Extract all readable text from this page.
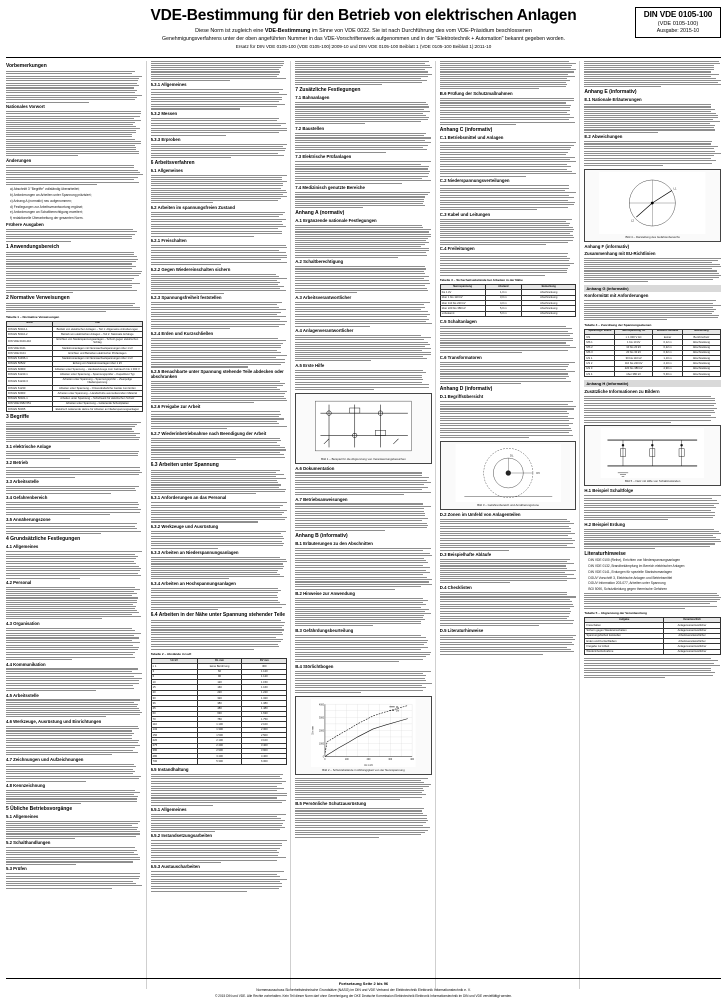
VDE-Bestimmung für den Betrieb von elektrischen Anlagen
Diese Norm ist zugleich eine VDE-Bestimmung im Sinne von VDE 0022. Sie ist nach Durchführung des vom VDE-Präsidium beschlossenen
Genehmigungsverfahrens unter der oben angeführten Nummer in das VDE-Vorschriftenwerk aufgenommen und in der "Elektrotechnik + Automation" bekannt gegeben worden.
Ersatz für DIN VDE 0105-100 (VDE 0105-100):2009-10 und DIN VDE 0105-100 Beiblatt 1 (VDE 0105-100 Beiblatt 1):2011-10
DIN VDE 0105-100
(VDE 0105-100)
Ausgabe: 2015-10
Vorbemerkungen
Nationales Vorwort
Änderungen
a) Abschnitt 3 "Begriffe" vollständig überarbeitet;
b) Anforderungen an Arbeiten unter Spannung präzisiert;
c) Anhang A (normativ) neu aufgenommen;
d) Festlegungen zur Arbeitsverantwortung ergänzt;
e) Anforderungen an Schaltberechtigung erweitert;
f) redaktionelle Überarbeitung der gesamten Norm.
Frühere Ausgaben
1 Anwendungsbereich
2 Normative Verweisungen
Tabelle 1 – Normative Verweisungen
Norm	Titel
DIN EN 50110-1	Betrieb von elektrischen Anlagen – Teil 1: Allgemeine Anforderungen
DIN EN 50110-2	Betrieb von elektrischen Anlagen – Teil 2: Nationale Anhänge
DIN VDE 0100-410	Errichten von Niederspannungsanlagen – Schutz gegen elektrischen Schlag
DIN VDE 0101	Starkstromanlagen mit Nennwechselspannungen über 1 kV
DIN VDE 0104	Errichten und Betreiben elektrischer Prüfanlagen
DIN EN 61936-1	Starkstromanlagen mit Nennwechselspannungen über 1 kV
DIN EN 50522	Erdung von Starkstromanlagen über 1 kV
DIN EN 60900	Arbeiten unter Spannung – Handwerkzeuge zum Gebrauch bis 1 000 V
DIN EN 61243-1	Arbeiten unter Spannung – Spannungsprüfer – Kapazitiver Typ
DIN EN 61243-3	Arbeiten unter Spannung – Spannungsprüfer – Zweipolige Niederspannung
DIN EN 61230	Arbeiten unter Spannung – Ortsveränderliche Geräte zum Erden
DIN EN 60903	Arbeiten unter Spannung – Handschuhe aus isolierendem Material
DIN EN 50321-1	Arbeiten unter Spannung – Schuhwerk für elektrischen Schutz
DIN VDE 0682-551	Arbeiten unter Spannung – Isolierende Schutzplatten
DIN EN 50365	Elektrisch isolierende Helme für Arbeiten an Niederspannungsanlagen
3 Begriffe
3.1 elektrische Anlage
3.2 Betrieb
3.3 Arbeitsstelle
3.4 Gefahrenbereich
3.5 Annäherungszone
4 Grundsätzliche Festlegungen
4.1 Allgemeines
4.2 Personal
4.3 Organisation
4.4 Kommunikation
4.5 Arbeitsstelle
4.6 Werkzeuge, Ausrüstung und Einrichtungen
4.7 Zeichnungen und Aufzeichnungen
4.8 Kennzeichnung
5 Übliche Betriebsvorgänge
5.1 Allgemeines
5.2 Schalthandlungen
5.3 Prüfen
5.3.1 Allgemeines
5.3.2 Messen
5.3.3 Erproben
6 Arbeitsverfahren
6.1 Allgemeines
6.2 Arbeiten im spannungsfreien Zustand
6.2.1 Freischalten
6.2.2 Gegen Wiedereinschalten sichern
6.2.3 Spannungsfreiheit feststellen
6.2.4 Erden und Kurzschließen
6.2.5 Benachbarte unter Spannung stehende Teile abdecken oder abschranken
6.2.6 Freigabe zur Arbeit
6.2.7 Wiederinbetriebnahme nach Beendigung der Arbeit
6.3 Arbeiten unter Spannung
6.3.1 Anforderungen an das Personal
6.3.2 Werkzeuge und Ausrüstung
6.3.3 Arbeiten an Niederspannungsanlagen
6.3.4 Arbeiten an Hochspannungsanlagen
6.4 Arbeiten in der Nähe unter Spannung stehender Teile
Tabelle 2 – Abstände in Luft
Un kV	DL mm	DV mm
≤ 1	keine Berührung	300
3	60	1 120
6	90	1 120
10	120	1 150
15	160	1 160
20	220	1 220
30	320	1 320
36	380	1 380
45	480	1 480
60	630	1 630
70	750	1 750
110	1 100	2 100
132	1 300	2 300
150	1 500	2 500
220	2 100	3 100
275	2 400	3 400
380	2 900	3 900
480	3 400	4 400
700	5 300	6 300
6.5 Instandhaltung
6.5.1 Allgemeines
6.5.2 Instandsetzungsarbeiten
6.5.3 Austauscharbeiten
7 Zusätzliche Festlegungen
7.1 Bahnanlagen
7.2 Baustellen
7.3 Elektrische Prüfanlagen
7.4 Medizinisch genutzte Bereiche
Anhang A (normativ)
A.1 Ergänzende nationale Festlegungen
A.2 Schaltberechtigung
A.3 Arbeitsverantwortlicher
A.4 Anlagenverantwortlicher
A.5 Erste Hilfe
Bild 1 – Beispiel für die Abgrenzung von Verantwortungsbereichen
A.6 Dokumentation
A.7 Betriebsanweisungen
Anhang B (informativ)
B.1 Erläuterungen zu den Abschnitten
B.2 Hinweise zur Anwendung
B.3 Gefährdungsbeurteilung
B.4 Störlichtbogen
0
1000
2000
3000
4000
0	100	200	300	400
DL
DV
Un in kV
D in mm
Bild 2 – Schutzabstände in Abhängigkeit von der Nennspannung
B.5 Persönliche Schutzausrüstung
B.6 Prüfung der Schutzmaßnahmen
Anhang C (informativ)
C.1 Betriebsmittel und Anlagen
C.2 Niederspannungsverteilungen
C.3 Kabel und Leitungen
C.4 Freileitungen
Tabelle 3 – Sicherheitsabstände bei Arbeiten in der Nähe
Nennspannung	Abstand	Bemerkung
bis 1 kV	1,0 m	Abschrankung
über 1 bis 110 kV	3,0 m	Abschrankung
über 110 bis 220 kV	4,0 m	Abschrankung
über 220 bis 380 kV	5,0 m	Abschrankung
unbekannt	5,0 m	Abschrankung
C.5 Schaltanlagen
C.6 Transformatoren
Anhang D (informativ)
D.1 Begriffsübersicht
DV
DL
Bild 3 – Gefahrenbereich und Annäherungszone
D.2 Zonen im Umfeld von Anlagenteilen
D.3 Beispielhafte Abläufe
D.4 Checklisten
D.5 Literaturhinweise
Anhang E (informativ)
E.1 Nationale Erläuterungen
E.2 Abweichungen
L1
L2
Bild 4 – Darstellung des Gefahrenbereichs
Anhang F (informativ)
Zusammenhang mit EU-Richtlinien
Anhang G (informativ)
Konformität mit Anforderungen
Tabelle 4 – Zuordnung der Spannungsebenen
Spannungs- ebene	Nennspannung Un	Mindest- abstand	Bemerkung
NS	≤ 1 000 V AC	keiner	Berührschutz
MS 1	1 bis 10 kV	0,12 m	Abschrankung
MS 2	10 bis 20 kV	0,22 m	Abschrankung
MS 3	20 bis 30 kV	0,32 m	Abschrankung
HS 1	30 bis 110 kV	1,10 m	Abschrankung
HS 2	110 bis 220 kV	2,10 m	Abschrankung
HS 3	220 bis 380 kV	2,90 m	Abschrankung
HS 4	über 380 kV	5,30 m	Abschrankung
Anhang H (informativ)
Zusätzliche Informationen zu Bildern
Bild 5 – Netz mit Hilfe von Schaltzuständen
H.1 Beispiel Schaltfolge
H.2 Beispiel Erdung
Literaturhinweise
DIN VDE 0100 (Reihe), Errichten von Niederspannungsanlagen
DIN VDE 0132, Brandbekämpfung im Bereich elektrischer Anlagen
DIN VDE 0141, Erdungen für spezielle Starkstromanlagen
DGUV Vorschrift 3, Elektrische Anlagen und Betriebsmittel
DGUV Information 203-077, Arbeiten unter Spannung
BGI 5090, Schutzkleidung gegen thermische Gefahren
Tabelle 5 – Abgrenzung der Verantwortung
Aufgabe	Verantwortlich
Freischalten	Anlagenverantwortlicher
Sichern gegen Wiedereinschalten	Anlagenverantwortlicher
Spannungsfreiheit feststellen	Arbeitsverantwortlicher
Erden und Kurzschließen	Arbeitsverantwortlicher
Freigabe zur Arbeit	Anlagenverantwortlicher
Wiederinbetriebnahme	Anlagenverantwortlicher
Fortsetzung Seite 2 bis 96
Normenausschuss Sicherheitstechnische Grundsätze (NASG) im DIN und VDE Verband der Elektrotechnik Elektronik Informationstechnik e. V.
© 2015 DIN und VDE. Alle Rechte vorbehalten. Kein Teil dieser Norm darf ohne Genehmigung der DKE Deutsche Kommission Elektrotechnik Elektronik Informationstechnik im DIN und VDE vervielfältigt werden.
